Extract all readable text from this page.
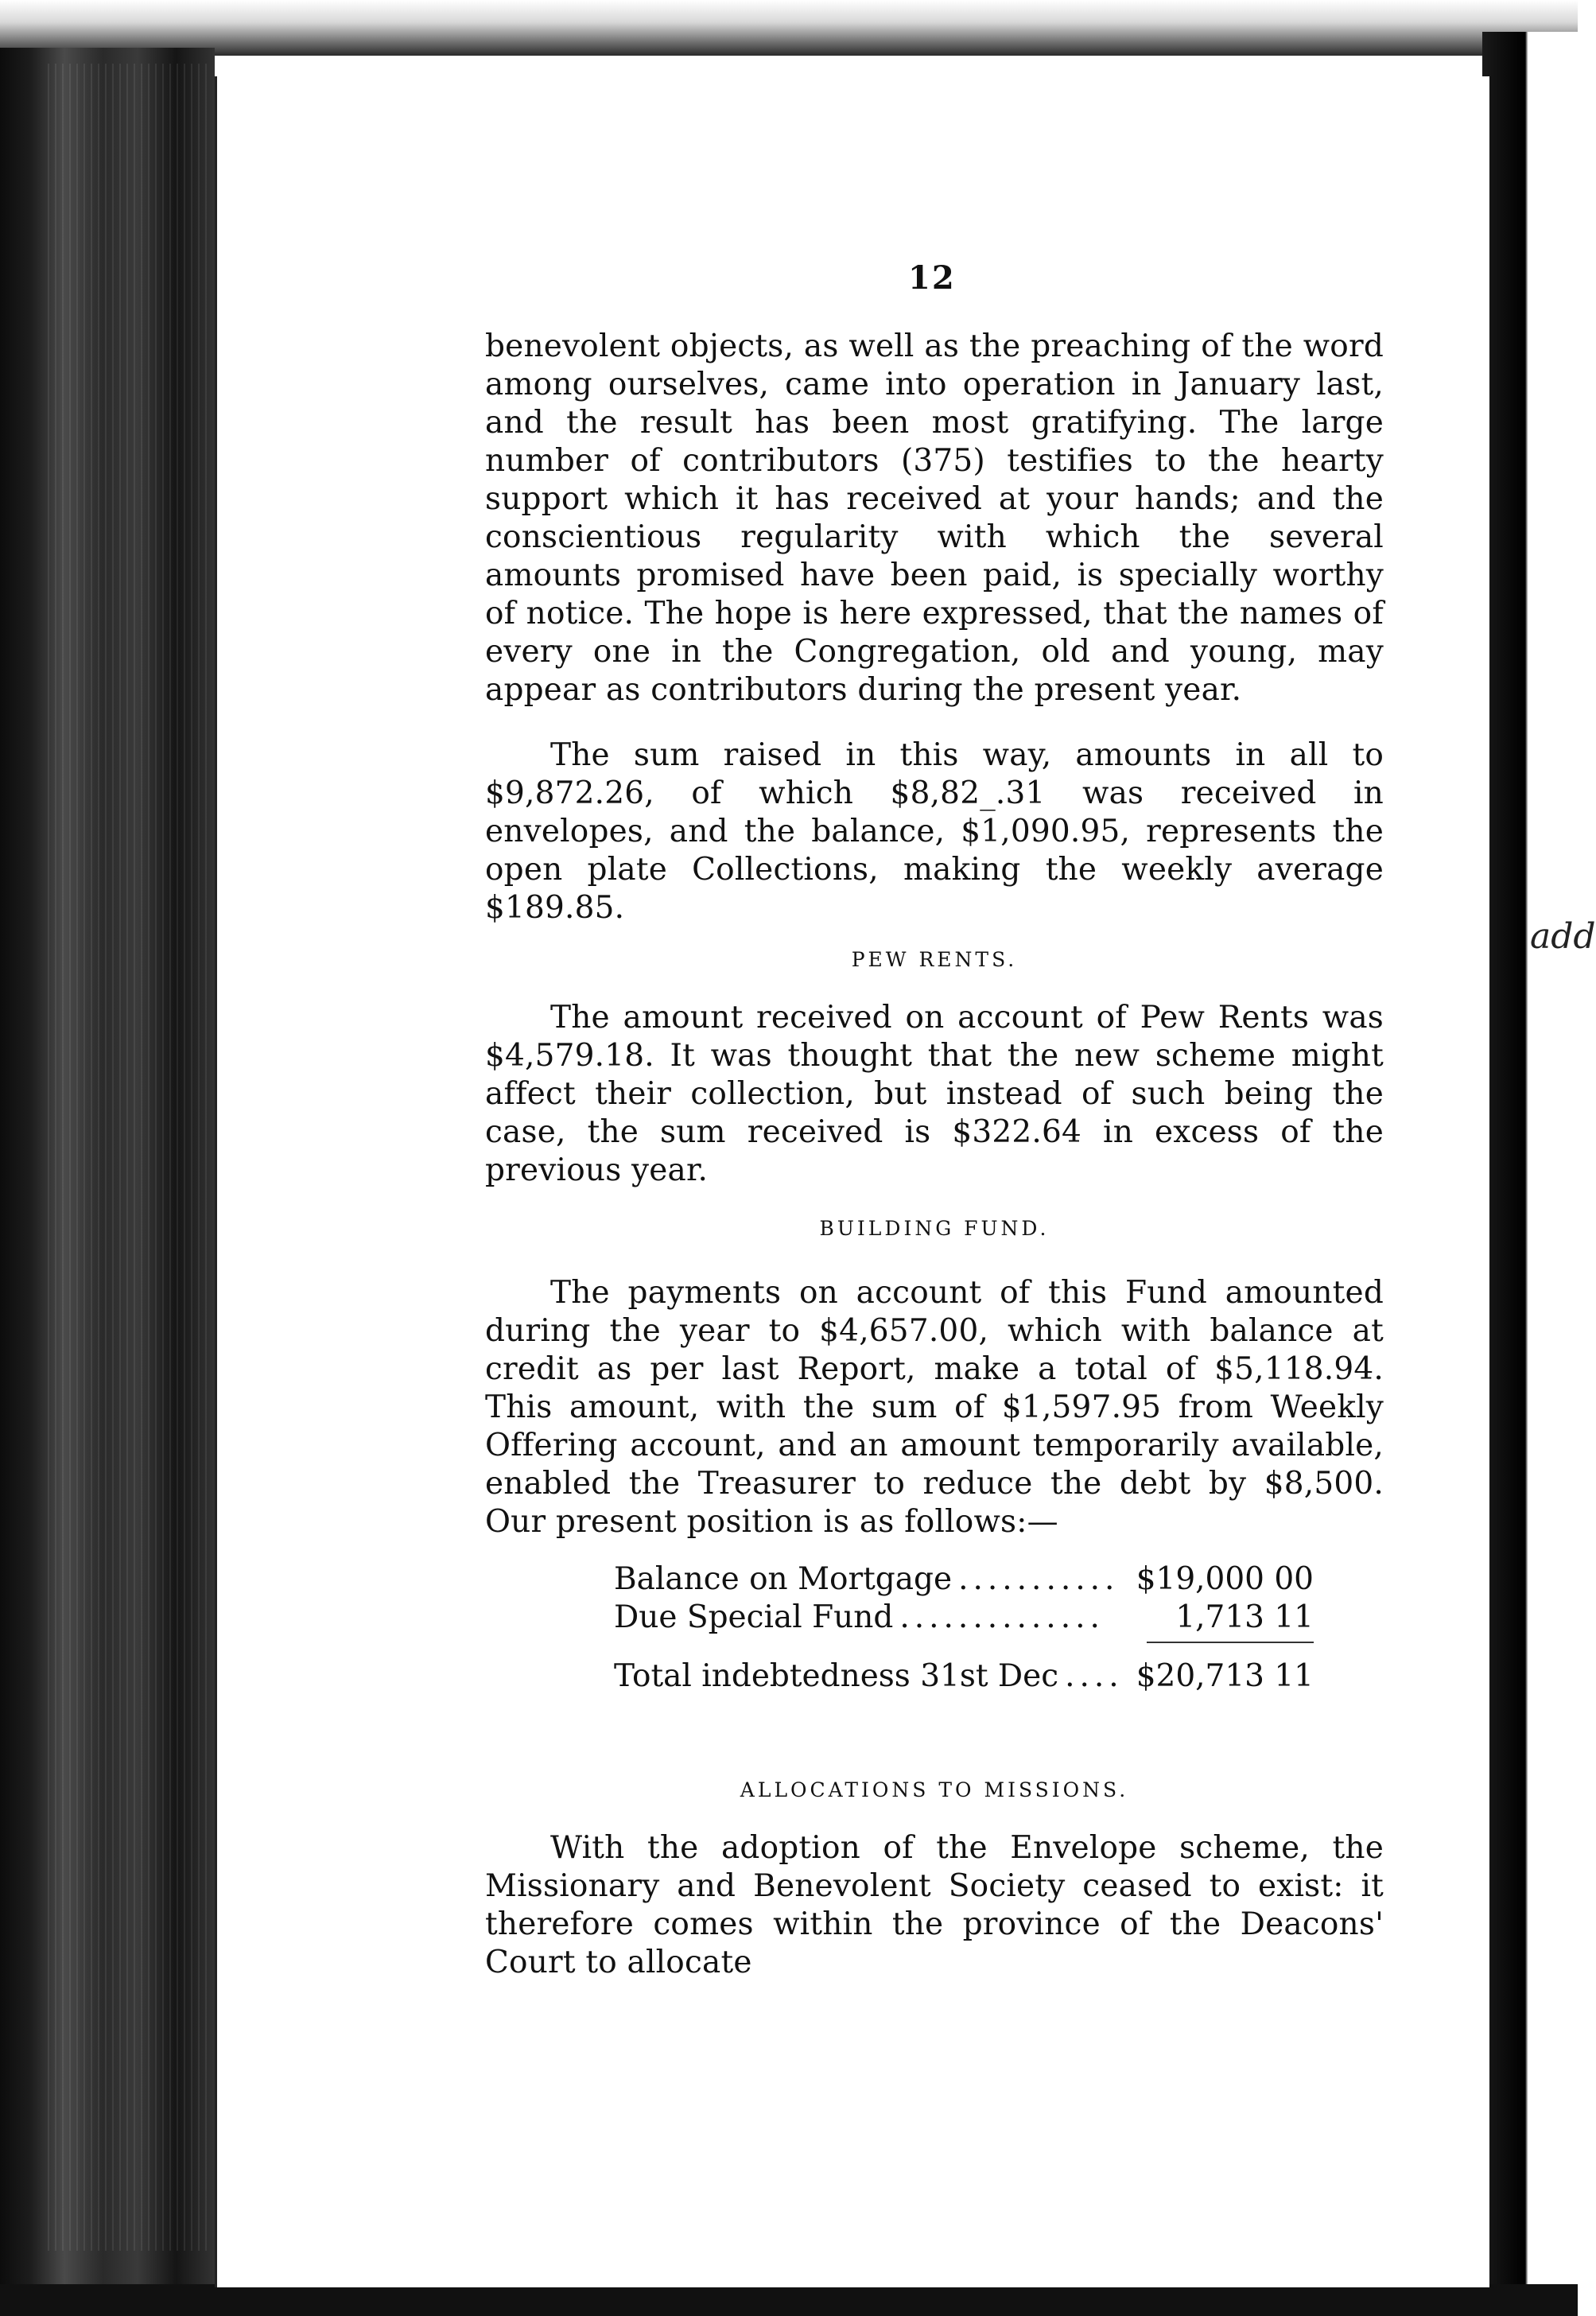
add
12
benevolent objects, as well as the preaching of the word among ourselves, came into operation in January last, and the result has been most gratifying. The large number of contributors (375) testifies to the hearty support which it has received at your hands; and the conscientious regularity with which the several amounts promised have been paid, is specially worthy of notice. The hope is here expressed, that the names of every one in the Congregation, old and young, may appear as contributors during the present year.
The sum raised in this way, amounts in all to $9,872.26, of which $8,82_.31 was received in envelopes, and the balance, $1,090.95, represents the open plate Collections, making the weekly average $189.85.
PEW RENTS.
The amount received on account of Pew Rents was $4,579.18. It was thought that the new scheme might affect their collection, but instead of such being the case, the sum received is $322.64 in excess of the previous year.
BUILDING FUND.
The payments on account of this Fund amounted during the year to $4,657.00, which with balance at credit as per last Report, make a total of $5,118.94. This amount, with the sum of $1,597.95 from Weekly Offering account, and an amount temporarily available, enabled the Treasurer to reduce the debt by $8,500. Our present position is as follows:—
Balance on Mortgage ........... $19,000 00
Due Special Fund ..............	1,713 11
Total indebtedness 31st Dec .... $20,713 11
ALLOCATIONS TO MISSIONS.
With the adoption of the Envelope scheme, the Missionary and Benevolent Society ceased to exist: it therefore comes within the province of the Deacons' Court to allocate
